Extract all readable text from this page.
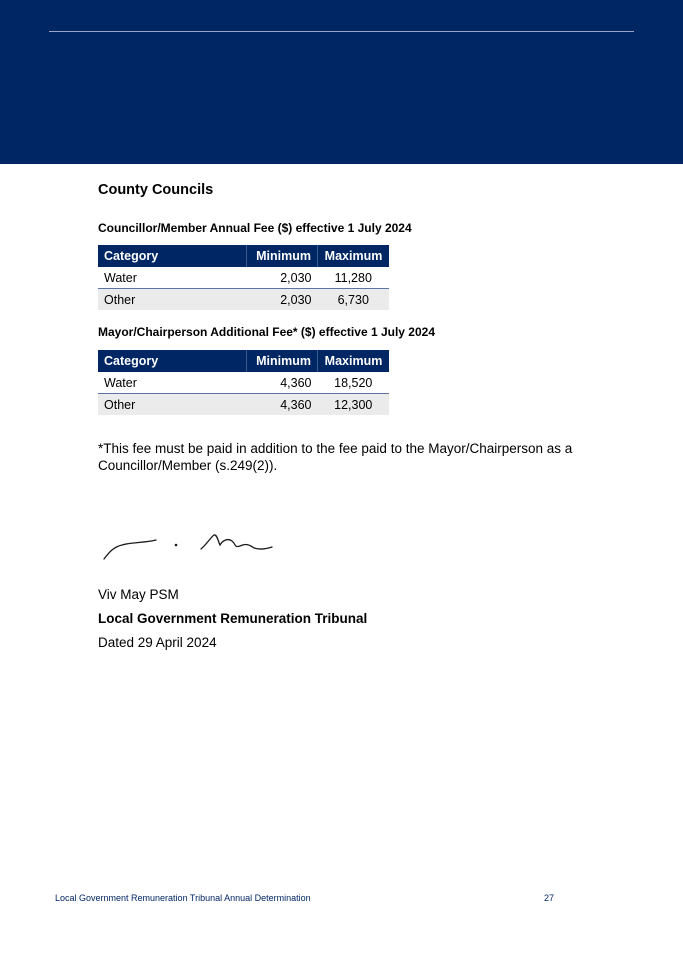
County Councils

Councillor/Member Annual Fee ($) effective 1 July 2024

Category	Minimum	Maximum
Water	2,030	11,280
Other	2,030	6,730

Mayor/Chairperson Additional Fee* ($) effective 1 July 2024

Category	Minimum	Maximum
Water	4,360	18,520
Other	4,360	12,300

*This fee must be paid in addition to the fee paid to the Mayor/Chairperson as a Councillor/Member (s.249(2)).

Viv May PSM

Local Government Remuneration Tribunal

Dated 29 April 2024

Local Government Remuneration Tribunal Annual Determination	27
